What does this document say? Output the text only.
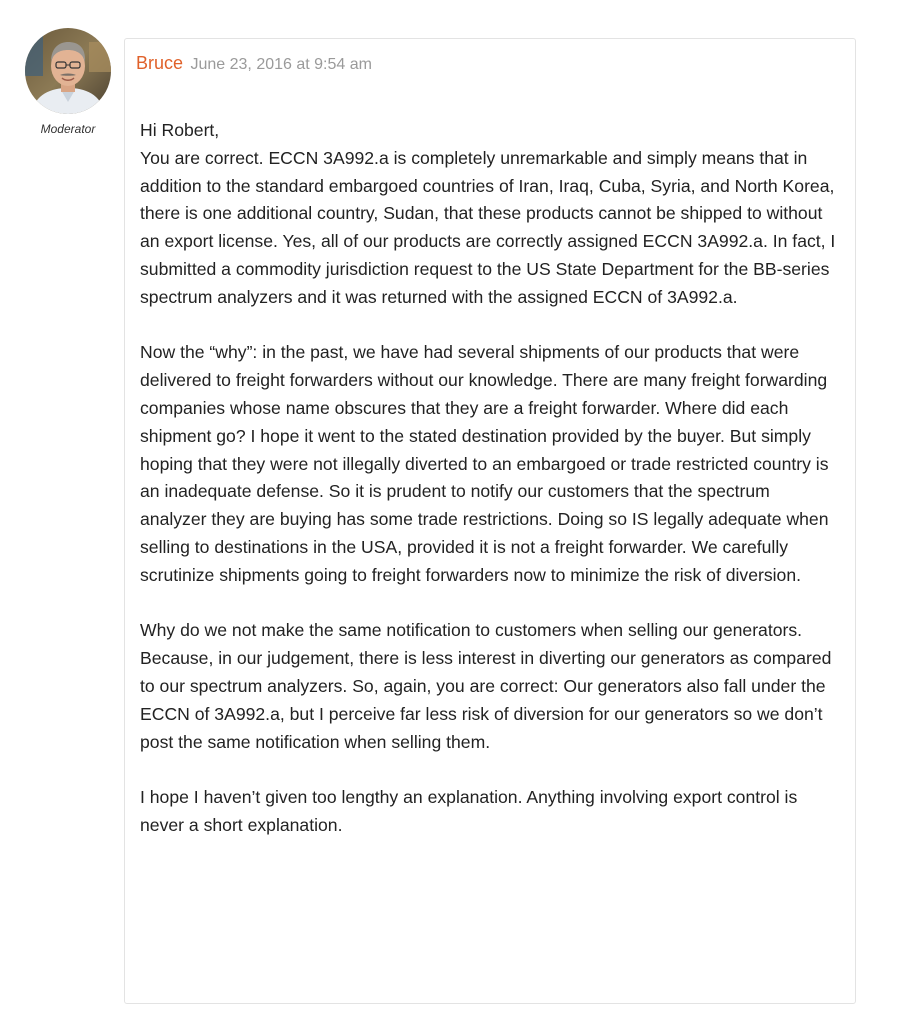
Moderator
Bruce June 23, 2016 at 9:54 am

Hi Robert,
You are correct. ECCN 3A992.a is completely unremarkable and simply means that in addition to the standard embargoed countries of Iran, Iraq, Cuba, Syria, and North Korea, there is one additional country, Sudan, that these products cannot be shipped to without an export license. Yes, all of our products are correctly assigned ECCN 3A992.a. In fact, I submitted a commodity jurisdiction request to the US State Department for the BB-series spectrum analyzers and it was returned with the assigned ECCN of 3A992.a.

Now the “why”: in the past, we have had several shipments of our products that were delivered to freight forwarders without our knowledge. There are many freight forwarding companies whose name obscures that they are a freight forwarder. Where did each shipment go? I hope it went to the stated destination provided by the buyer. But simply hoping that they were not illegally diverted to an embargoed or trade restricted country is an inadequate defense. So it is prudent to notify our customers that the spectrum analyzer they are buying has some trade restrictions. Doing so IS legally adequate when selling to destinations in the USA, provided it is not a freight forwarder. We carefully scrutinize shipments going to freight forwarders now to minimize the risk of diversion.

Why do we not make the same notification to customers when selling our generators. Because, in our judgement, there is less interest in diverting our generators as compared to our spectrum analyzers. So, again, you are correct: Our generators also fall under the ECCN of 3A992.a, but I perceive far less risk of diversion for our generators so we don’t post the same notification when selling them.

I hope I haven’t given too lengthy an explanation. Anything involving export control is never a short explanation.
